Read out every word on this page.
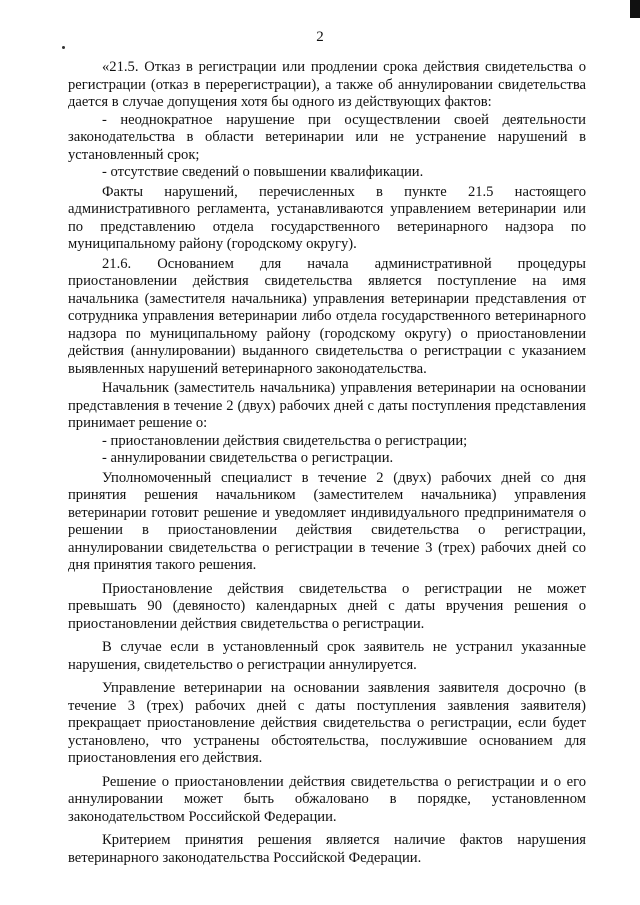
2

«21.5. Отказ в регистрации или продлении срока действия свидетельства о регистрации (отказ в перерегистрации), а также об аннулировании свидетельства дается в случае допущения хотя бы одного из действующих фактов:

- неоднократное нарушение при осуществлении своей деятельности законодательства в области ветеринарии или не устранение нарушений в установленный срок;

- отсутствие сведений о повышении квалификации.

Факты нарушений, перечисленных в пункте 21.5 настоящего административного регламента, устанавливаются управлением ветеринарии или по представлению отдела государственного ветеринарного надзора по муниципальному району (городскому округу).

21.6. Основанием для начала административной процедуры приостановлении действия свидетельства является поступление на имя начальника (заместителя начальника) управления ветеринарии представления от сотрудника управления ветеринарии либо отдела государственного ветеринарного надзора по муниципальному району (городскому округу) о приостановлении действия (аннулировании) выданного свидетельства о регистрации с указанием выявленных нарушений ветеринарного законодательства.

Начальник (заместитель начальника) управления ветеринарии на основании представления в течение 2 (двух) рабочих дней с даты поступления представления принимает решение о:

- приостановлении действия свидетельства о регистрации;

- аннулировании свидетельства о регистрации.

Уполномоченный специалист в течение 2 (двух) рабочих дней со дня принятия решения начальником (заместителем начальника) управления ветеринарии готовит решение и уведомляет индивидуального предпринимателя о решении в приостановлении действия свидетельства о регистрации, аннулировании свидетельства о регистрации в течение 3 (трех) рабочих дней со дня принятия такого решения.

Приостановление действия свидетельства о регистрации не может превышать 90 (девяносто) календарных дней с даты вручения решения о приостановлении действия свидетельства о регистрации.

В случае если в установленный срок заявитель не устранил указанные нарушения, свидетельство о регистрации аннулируется.

Управление ветеринарии на основании заявления заявителя досрочно (в течение 3 (трех) рабочих дней с даты поступления заявления заявителя) прекращает приостановление действия свидетельства о регистрации, если будет установлено, что устранены обстоятельства, послужившие основанием для приостановления его действия.

Решение о приостановлении действия свидетельства о регистрации и о его аннулировании может быть обжаловано в порядке, установленном законодательством Российской Федерации.

Критерием принятия решения является наличие фактов нарушения ветеринарного законодательства Российской Федерации.
